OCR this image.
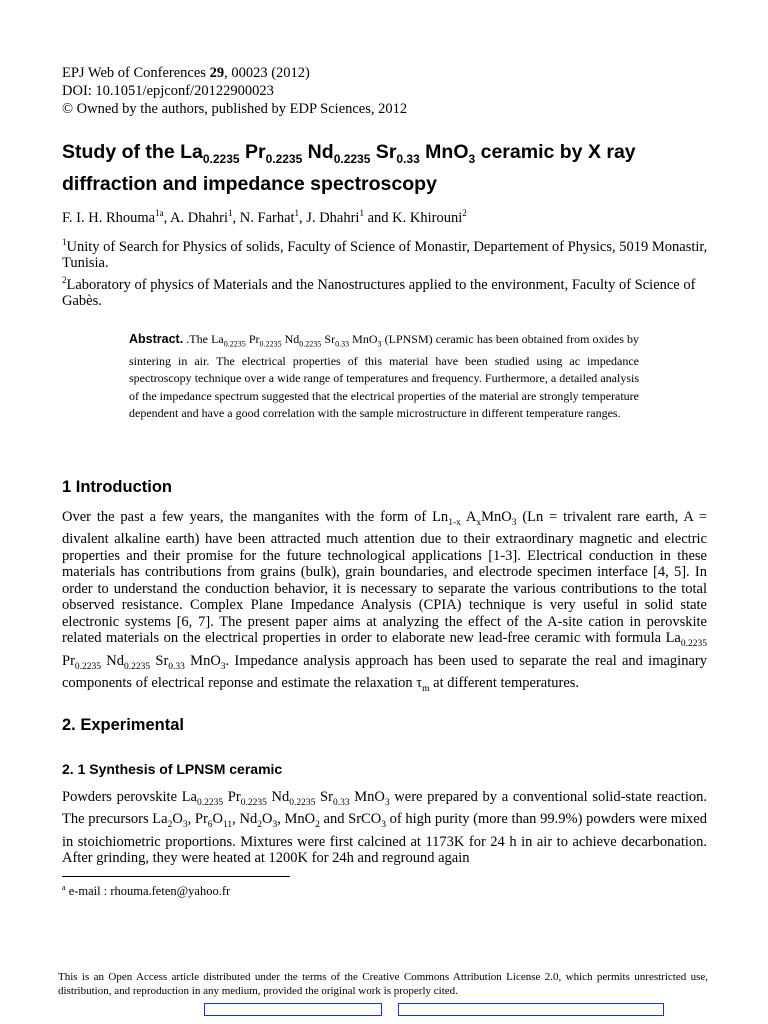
EPJ Web of Conferences 29, 00023 (2012)
DOI: 10.1051/epjconf/20122900023
© Owned by the authors, published by EDP Sciences, 2012
Study of the $La_{0.2235}$ $Pr_{0.2235}$ $Nd_{0.2235}$ $Sr_{0.33}$ MnO$_3$ ceramic by X ray diffraction and impedance spectroscopy
F. I. H. Rhouma$^{1a}$, A. Dhahri$^1$, N. Farhat$^1$, J. Dhahri$^1$ and K. Khirouni$^2$
$^1$Unity of Search for Physics of solids, Faculty of Science of Monastir, Departement of Physics, 5019 Monastir, Tunisia.
$^2$Laboratory of physics of Materials and the Nanostructures applied to the environment, Faculty of Science of Gabès.
Abstract. .The $La_{0.2235}$ $Pr_{0.2235}$ $Nd_{0.2235}$ $Sr_{0.33}$ MnO$_3$ (LPNSM) ceramic has been obtained from oxides by sintering in air. The electrical properties of this material have been studied using ac impedance spectroscopy technique over a wide range of temperatures and frequency. Furthermore, a detailed analysis of the impedance spectrum suggested that the electrical properties of the material are strongly temperature dependent and have a good correlation with the sample microstructure in different temperature ranges.
1 Introduction
Over the past a few years, the manganites with the form of $Ln_{1-x}$ $A_xMnO_3$ (Ln = trivalent rare earth, A = divalent alkaline earth) have been attracted much attention due to their extraordinary magnetic and electric properties and their promise for the future technological applications [1-3]. Electrical conduction in these materials has contributions from grains (bulk), grain boundaries, and electrode specimen interface [4, 5]. In order to understand the conduction behavior, it is necessary to separate the various contributions to the total observed resistance. Complex Plane Impedance Analysis (CPIA) technique is very useful in solid state electronic systems [6, 7]. The present paper aims at analyzing the effect of the A-site cation in perovskite related materials on the electrical properties in order to elaborate new lead-free ceramic with formula $La_{0.2235}$ $Pr_{0.2235}$ $Nd_{0.2235}$ $Sr_{0.33}$ MnO$_3$. Impedance analysis approach has been used to separate the real and imaginary components of electrical reponse and estimate the relaxation $\tau_m$ at different temperatures.
2. Experimental
2. 1 Synthesis of LPNSM ceramic
Powders perovskite $La_{0.2235}$ $Pr_{0.2235}$ $Nd_{0.2235}$ $Sr_{0.33}$ MnO$_3$ were prepared by a conventional solid-state reaction. The precursors $La_2O_3$, $Pr_6O_{11}$, $Nd_2O_3$, MnO$_2$ and SrCO$_3$ of high purity (more than 99.9%) powders were mixed in stoichiometric proportions. Mixtures were first calcined at 1173K for 24 h in air to achieve decarbonation. After grinding, they were heated at 1200K for 24h and reground again
$^a$ e-mail : rhouma.feten@yahoo.fr
This is an Open Access article distributed under the terms of the Creative Commons Attribution License 2.0, which permits unrestricted use, distribution, and reproduction in any medium, provided the original work is properly cited.
